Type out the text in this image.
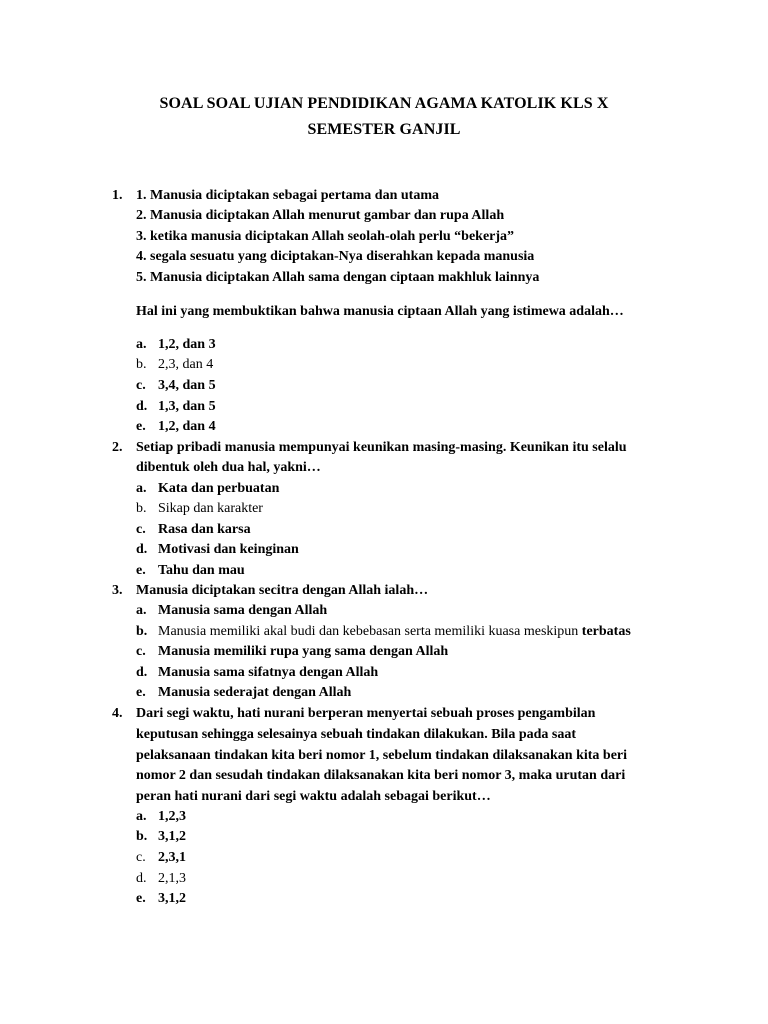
SOAL SOAL UJIAN PENDIDIKAN AGAMA KATOLIK KLS X
SEMESTER GANJIL
1. 1. Manusia diciptakan sebagai pertama dan utama
2. Manusia diciptakan Allah menurut gambar dan rupa Allah
3. ketika manusia diciptakan Allah seolah-olah perlu “bekerja”
4. segala sesuatu yang diciptakan-Nya diserahkan kepada manusia
5. Manusia diciptakan Allah sama dengan ciptaan makhluk lainnya
Hal ini yang membuktikan bahwa manusia ciptaan Allah yang istimewa adalah…
a. 1,2, dan 3
b. 2,3, dan 4
c. 3,4, dan 5
d. 1,3, dan 5
e. 1,2, dan 4
2. Setiap pribadi manusia mempunyai keunikan masing-masing. Keunikan itu selalu
dibentuk oleh dua hal, yakni…
a. Kata dan perbuatan
b. Sikap dan karakter
c. Rasa dan karsa
d. Motivasi dan keinginan
e. Tahu dan mau
3. Manusia diciptakan secitra dengan Allah ialah…
a. Manusia sama dengan Allah
b. Manusia memiliki akal budi dan kebebasan serta memiliki kuasa meskipun terbatas
c. Manusia memiliki rupa yang sama dengan Allah
d. Manusia sama sifatnya dengan Allah
e. Manusia sederajat dengan Allah
4. Dari segi waktu, hati nurani berperan menyertai sebuah proses pengambilan
keputusan sehingga selesainya sebuah tindakan dilakukan. Bila pada saat
pelaksanaan tindakan kita beri nomor 1, sebelum tindakan dilaksanakan kita beri
nomor 2 dan sesudah tindakan dilaksanakan kita beri nomor 3, maka urutan dari
peran hati nurani dari segi waktu adalah sebagai berikut…
a. 1,2,3
b. 3,1,2
c. 2,3,1
d. 2,1,3
e. 3,1,2
